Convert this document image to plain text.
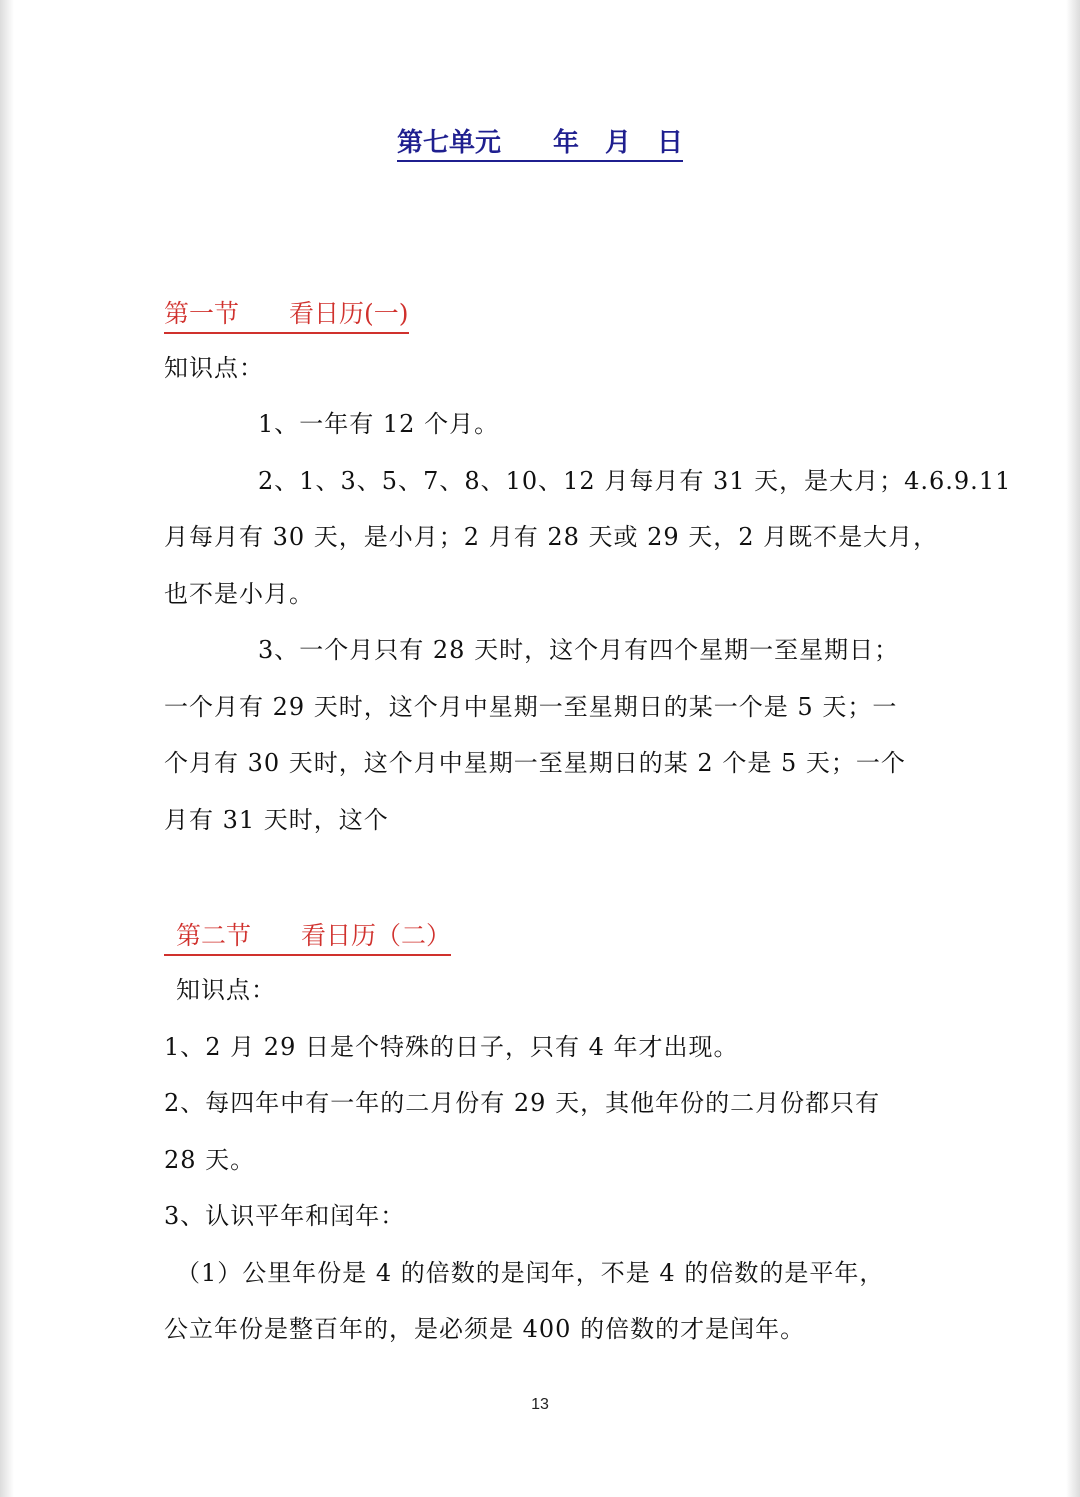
第七单元　　年　月　日
第一节　　看日历(一)
知识点：
1、一年有 12 个月。
2、1、3、5、7、8、10、12 月每月有 31 天，是大月；4.6.9.11
月每月有 30 天，是小月；2 月有 28 天或 29 天，2 月既不是大月，
也不是小月。
3、一个月只有 28 天时，这个月有四个星期一至星期日；
一个月有 29 天时，这个月中星期一至星期日的某一个是 5 天；一
个月有 30 天时，这个月中星期一至星期日的某 2 个是 5 天；一个
月有 31 天时，这个
第二节　　看日历（二）
知识点：
1、2 月 29 日是个特殊的日子，只有 4 年才出现。
2、每四年中有一年的二月份有 29 天，其他年份的二月份都只有
28 天。
3、认识平年和闰年：
（1）公里年份是 4 的倍数的是闰年，不是 4 的倍数的是平年，
公立年份是整百年的，是必须是 400 的倍数的才是闰年。
13
